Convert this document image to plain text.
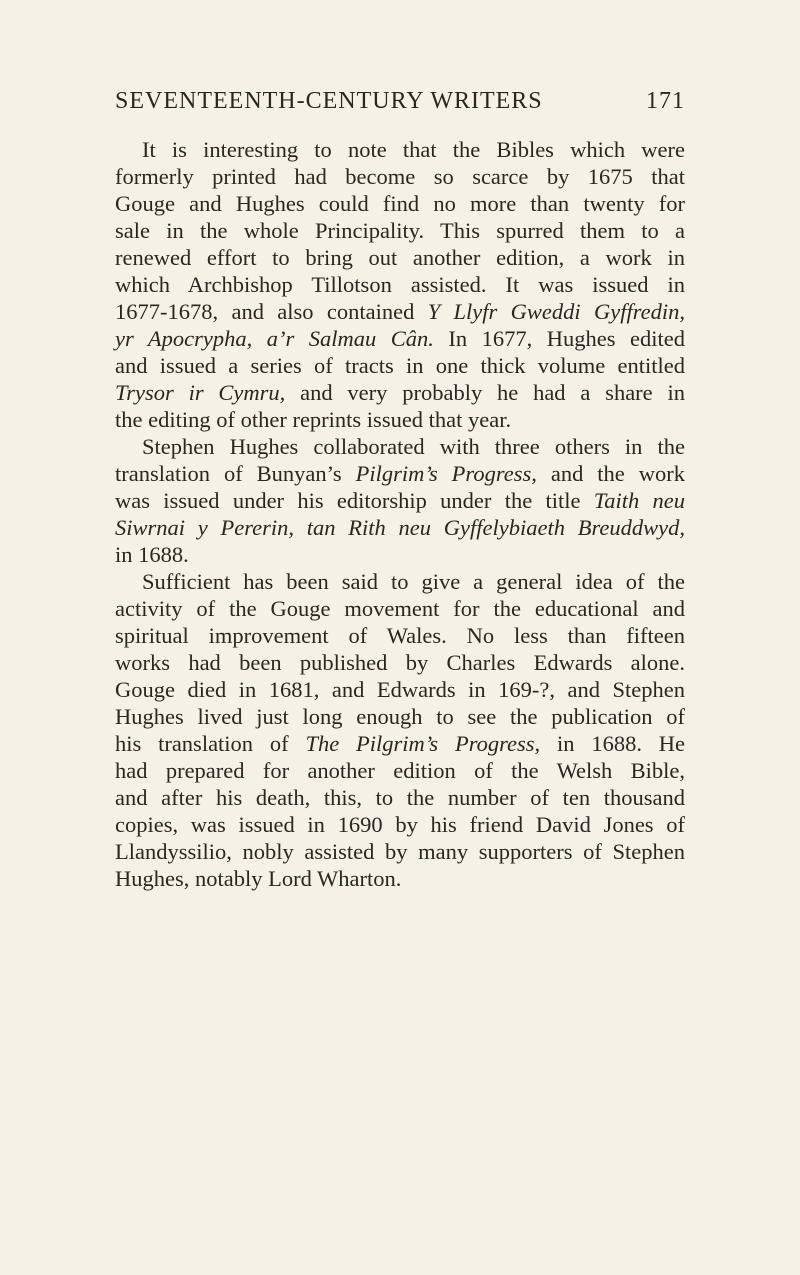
SEVENTEENTH-CENTURY WRITERS	171
It is interesting to note that the Bibles which were
formerly printed had become so scarce by 1675 that
Gouge and Hughes could find no more than twenty for
sale in the whole Principality. This spurred them to a
renewed effort to bring out another edition, a work in
which Archbishop Tillotson assisted. It was issued in
1677-1678, and also contained Y Llyfr Gweddi Gyffredin,
yr Apocrypha, a’r Salmau Cân. In 1677, Hughes edited
and issued a series of tracts in one thick volume entitled
Trysor ir Cymru, and very probably he had a share in
the editing of other reprints issued that year.
Stephen Hughes collaborated with three others in the
translation of Bunyan’s Pilgrim’s Progress, and the work
was issued under his editorship under the title Taith neu
Siwrnai y Pererin, tan Rith neu Gyffelybiaeth Breuddwyd,
in 1688.
Sufficient has been said to give a general idea of the
activity of the Gouge movement for the educational and
spiritual improvement of Wales. No less than fifteen
works had been published by Charles Edwards alone.
Gouge died in 1681, and Edwards in 169-?, and Stephen
Hughes lived just long enough to see the publication of
his translation of The Pilgrim’s Progress, in 1688. He
had prepared for another edition of the Welsh Bible,
and after his death, this, to the number of ten thousand
copies, was issued in 1690 by his friend David Jones of
Llandyssilio, nobly assisted by many supporters of Stephen
Hughes, notably Lord Wharton.
